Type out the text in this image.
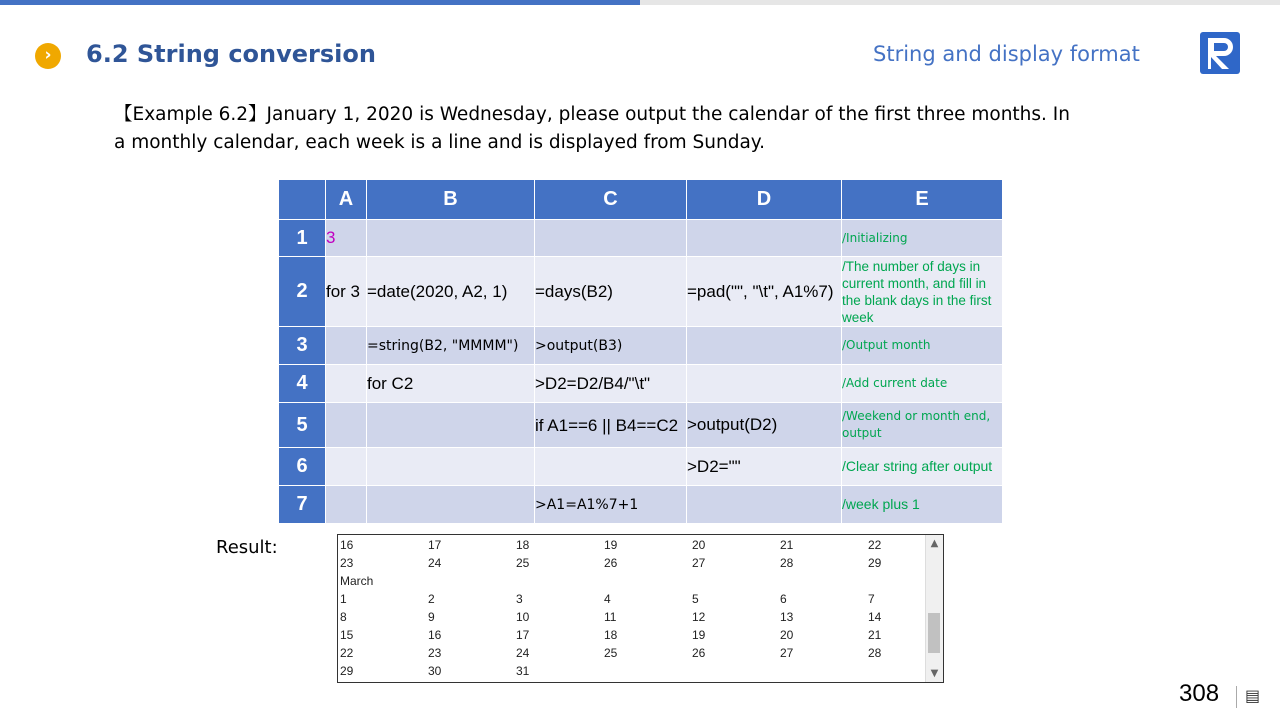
›	6.2 String conversion	String and display format
【Example 6.2】January 1, 2020 is Wednesday, please output the calendar of the first three months. In a monthly calendar, each week is a line and is displayed from Sunday.
	A	B	C	D	E
1	3				/Initializing
2	for 3	=date(2020, A2, 1)	=days(B2)	=pad("", "\t", A1%7)	/The number of days in current month, and fill in the blank days in the first week
3		=string(B2, "MMMM")	>output(B3)		/Output month
4		for C2	>D2=D2/B4/"\t"		/Add current date
5			if A1==6 || B4==C2	>output(D2)	/Weekend or month end, output
6				>D2=""	/Clear string after output
7			>A1=A1%7+1		/week plus 1
Result:	16	17	18	19	20	21	22
23	24	25	26	27	28	29
March
1	2	3	4	5	6	7
8	9	10	11	12	13	14
15	16	17	18	19	20	21
22	23	24	25	26	27	28
29	30	31
▲
▼
308 ▤
